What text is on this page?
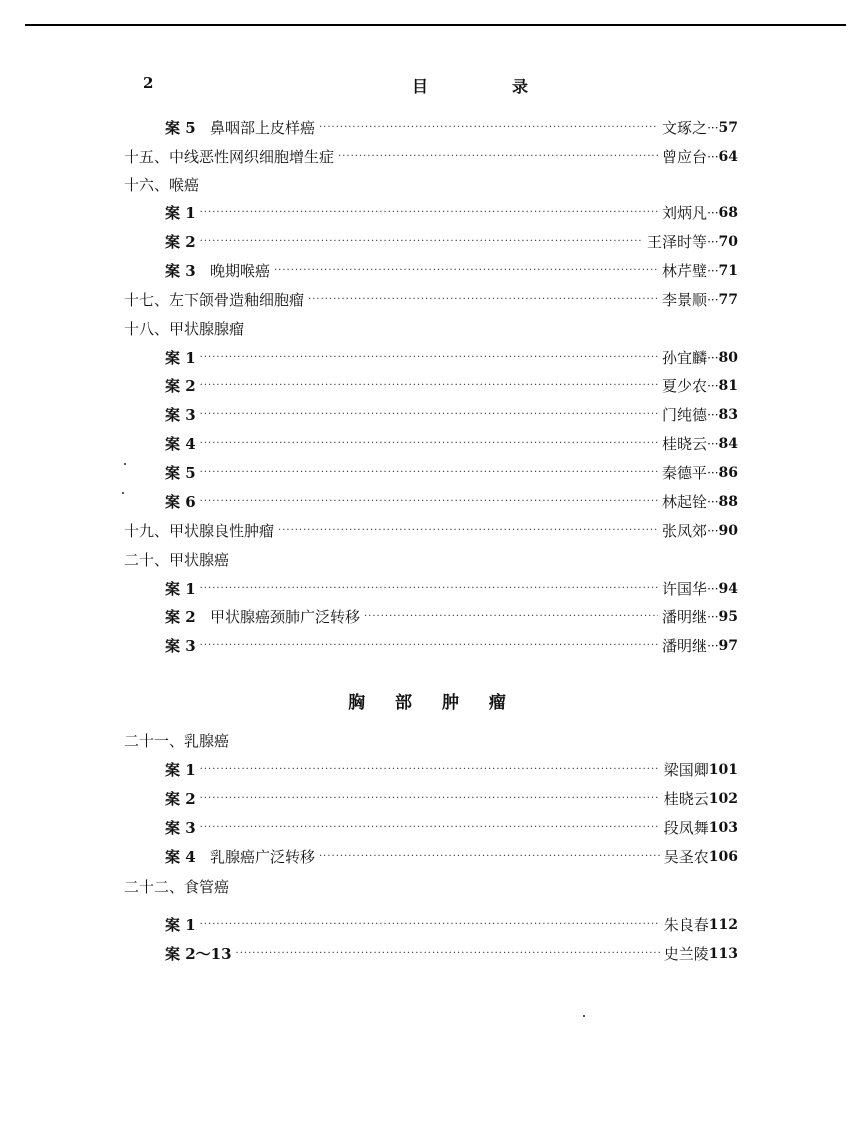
2	目　录
案 5 鼻咽部上皮样癌 ·····	文琢之 ··· 57
十五、中线恶性网织细胞增生症 ·····	曾应台 ··· 64
十六、喉癌
案 1 ·····	刘炳凡 ··· 68
案 2 ·····	王泽时等 ··· 70
案 3 晚期喉癌 ·····	林芹璧 ··· 71
十七、左下颌骨造釉细胞瘤 ·····	李景顺 ··· 77
十八、甲状腺腺瘤
案 1 ·····	孙宜麟 ··· 80
案 2 ·····	夏少农 ··· 81
案 3 ·····	门纯德 ··· 83
案 4 ·····	桂晓云 ··· 84
案 5 ·····	秦德平 ··· 86
案 6 ·····	林起铨 ··· 88
十九、甲状腺良性肿瘤 ·····	张凤郊 ··· 90
二十、甲状腺癌
案 1 ·····	许国华 ··· 94
案 2 甲状腺癌颈肺广泛转移 ·····	潘明继 ··· 95
案 3 ·····	潘明继 ··· 97
胸 部 肿 瘤
二十一、乳腺癌
案 1 ·····	梁国卿 101
案 2 ·····	桂晓云 102
案 3 ·····	段凤舞 103
案 4 乳腺癌广泛转移 ·····	吴圣农 106
二十二、食管癌
案 1 ·····	朱良春 112
案 2～13 ·····	史兰陵 113
